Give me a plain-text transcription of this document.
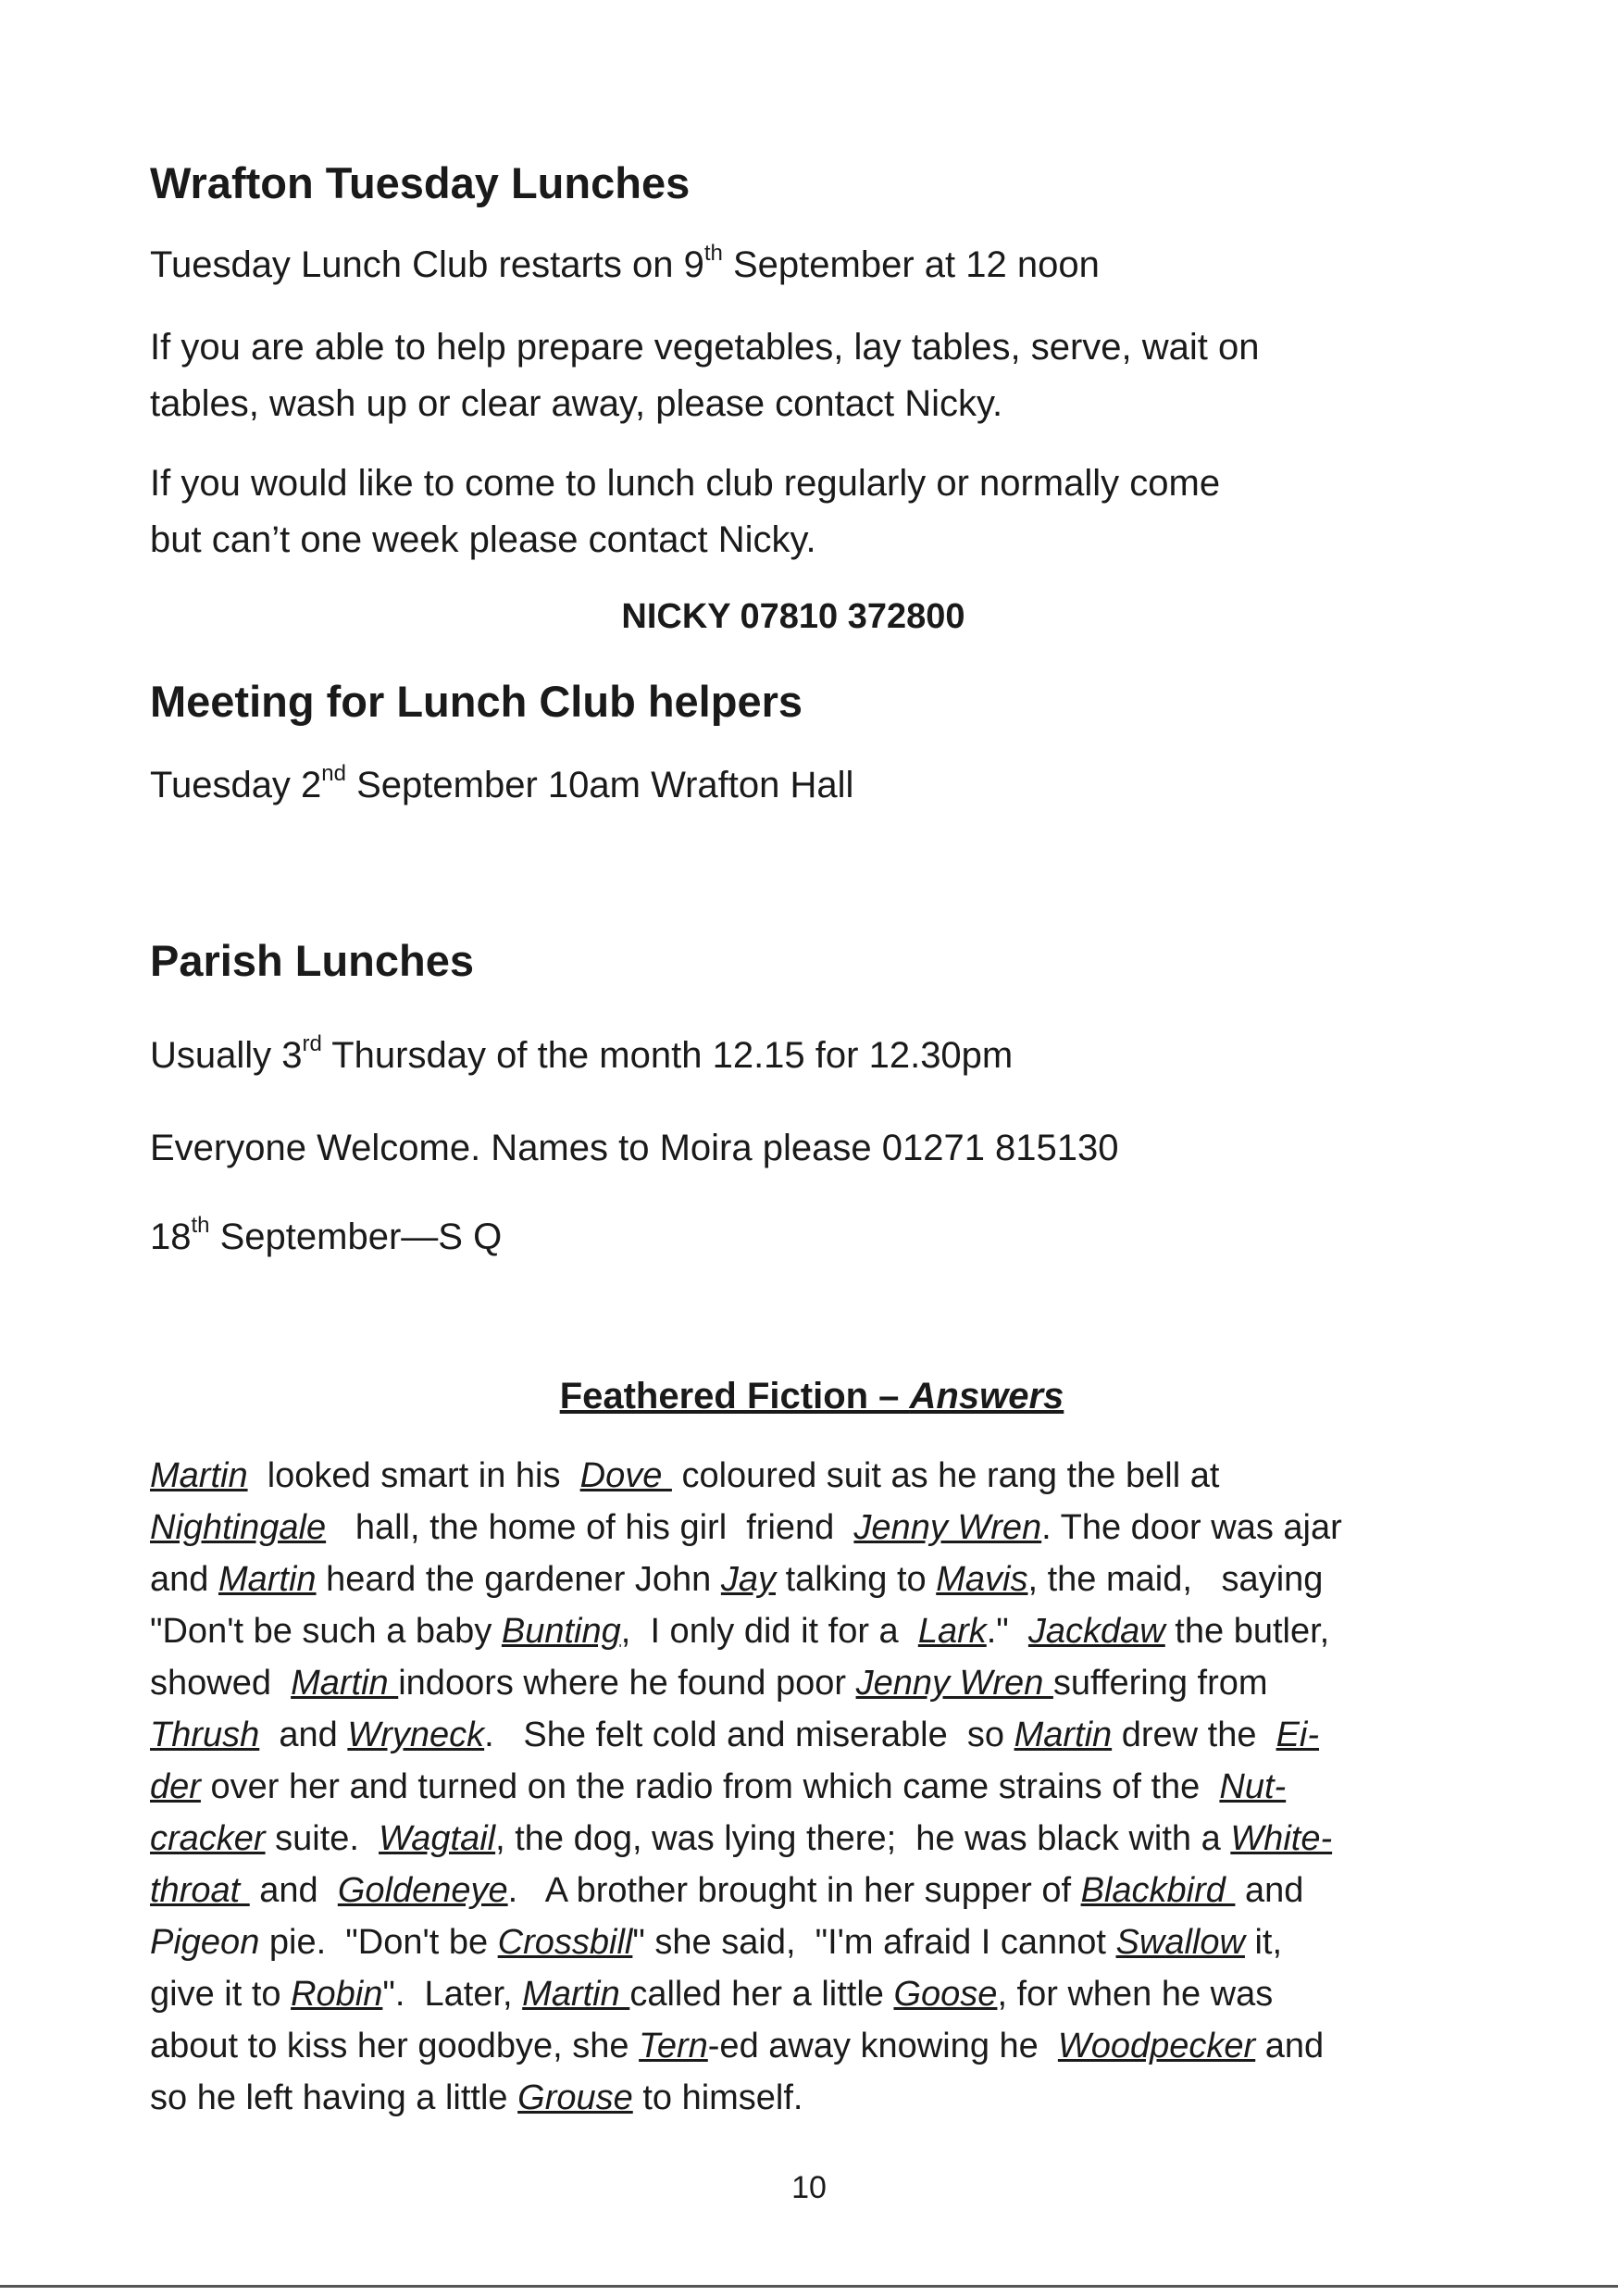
Wrafton Tuesday Lunches

Tuesday Lunch Club restarts on 9th September at 12 noon

If you are able to help prepare vegetables, lay tables, serve, wait on

tables, wash up or clear away, please contact Nicky.

If you would like to come to lunch club regularly or normally come

but can’t one week please contact Nicky.

NICKY 07810 372800
Meeting for Lunch Club helpers

Tuesday 2nd September 10am Wrafton Hall

Parish Lunches

Usually 3rd Thursday of the month 12.15 for 12.30pm

Everyone Welcome. Names to Moira please 01271 815130

18th September—S Q

Feathered Fiction – Answers
Martin  looked smart in his  Dove  coloured suit as he rang the bell at
Nightingale   hall, the home of his girl  friend  Jenny Wren. The door was ajar
and Martin heard the gardener John Jay talking to Mavis, the maid,   saying
"Don't be such a baby Bunting,  I only did it for a  Lark."  Jackdaw the butler,
showed  Martin indoors where he found poor Jenny Wren suffering from
Thrush  and Wryneck.   She felt cold and miserable  so Martin drew the  Ei-
der over her and turned on the radio from which came strains of the  Nut-
cracker suite.  Wagtail, the dog, was lying there;  he was black with a White-
throat  and  Goldeneye.   A brother brought in her supper of Blackbird  and
Pigeon pie.  "Don't be Crossbill" she said,  "I'm afraid I cannot Swallow it,
give it to Robin".  Later, Martin called her a little Goose, for when he was
about to kiss her goodbye, she Tern-ed away knowing he  Woodpecker and
so he left having a little Grouse to himself.
10
